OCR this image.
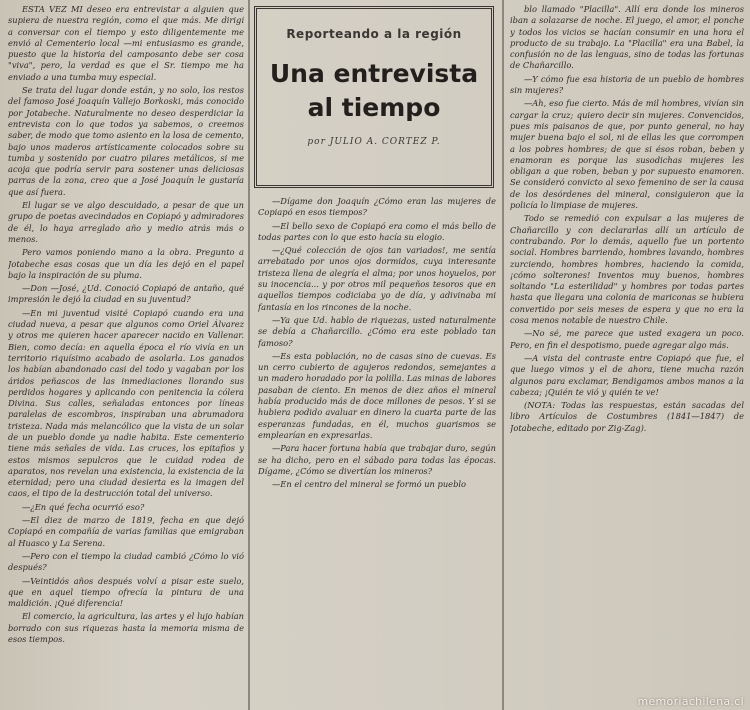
ESTA VEZ MI deseo era entrevistar a alguien que supiera de nuestra región, como el que más. Me dirigí a conversar con el tiempo y esto diligentemente me envió al Cementerio local —mi entusiasmo es grande, puesto que la historia del camposanto debe ser cosa "viva", pero, la verdad es que el Sr. tiempo me ha enviado a una tumba muy especial.

Se trata del lugar donde están, y no solo, los restos del famoso José Joaquín Vallejo Borkoski, más conocido por Jotabeche. Naturalmente no deseo desperdiciar la entrevista con lo que todos ya sabemos, o creemos saber, de modo que tomo asiento en la losa de cemento, bajo unos maderos artísticamente colocados sobre su tumba y sostenido por cuatro pilares metálicos, si me acoja que podría servir para sostener unas deliciosas parras de la zona, creo que a José Joaquín le gustaría que así fuera.

El lugar se ve algo descuidado, a pesar de que un grupo de poetas avecindados en Copiapó y admiradores de él, lo haya arreglado año y medio atrás más o menos.

Pero vamos poniendo mano a la obra. Pregunto a Jotabeche esas cosas que un día les dejó en el papel bajo la inspiración de su pluma.

—Don —José, ¿Ud. Conoció Copiapó de antaño, qué impresión le dejó la ciudad en su juventud?

—En mi juventud visité Copiapó cuando era una ciudad nueva, a pesar que algunos como Oriel Álvarez y otros me quieren hacer aparecer nacido en Vallenar. Bien, como decía: en aquella época el río vivía en un territorio riquísimo acabado de asolarla. Los ganados los habían abandonado casi del todo y vagaban por los áridos peñascos de las inmediaciones llorando sus perdidos hogares y aplicando con penitencia la cólera Divina. Sus calles, señaladas entonces por líneas paralelas de escombros, inspiraban una abrumadora tristeza. Nada más melancólico que la vista de un solar de un pueblo donde ya nadie habita. Este cementerio tiene más señales de vida. Las cruces, los epitafios y estos mismos sepulcros que le cuidad rodea de aparatos, nos revelan una existencia, la existencia de la eternidad; pero una ciudad desierta es la imagen del caos, el tipo de la destrucción total del universo.

—¿En qué fecha ocurrió eso?

—El diez de marzo de 1819, fecha en que dejó Copiapó en compañía de varias familias que emigraban al Huasco y La Serena.

—Pero con el tiempo la ciudad cambió ¿Cómo lo vió después?

—Veintidós años después volví a pisar este suelo, que en aquel tiempo ofrecía la pintura de una maldición. ¡Qué diferencia!

El comercio, la agricultura, las artes y el lujo habían borrado con sus riquezas hasta la memoria misma de esos tiempos.

Reporteando a la región
Una entrevista
al tiempo
por JULIO A. CORTEZ P.

—Dígame don Joaquín ¿Cómo eran las mujeres de Copiapó en esos tiempos?

—El bello sexo de Copiapó era como el más bello de todas partes con lo que esto hacía su elogio.

—¿Qué colección de ojos tan variados!, me sentía arrebatado por unos ojos dormidos, cuya interesante tristeza llena de alegría el alma; por unos hoyuelos, por su inocencia... y por otros mil pequeños tesoros que en aquellos tiempos codiciaba yo de día, y adivinaba mi fantasía en los rincones de la noche.

—Ya que Ud. hablo de riquezas, usted naturalmente se debía a Chañarcillo. ¿Cómo era este poblado tan famoso?

—Es esta población, no de casas sino de cuevas. Es un cerro cubierto de agujeros redondos, semejantes a un madero horadado por la polilla. Las minas de labores pasaban de ciento. En menos de diez años el mineral había producido más de doce millones de pesos. Y si se hubiera podido avaluar en dinero la cuarta parte de las esperanzas fundadas, en él, muchos guarismos se emplearían en expresarlas.

—Para hacer fortuna había que trabajar duro, según se ha dicho, pero en el sábado para todas las épocas. Dígame, ¿Cómo se divertían los mineros?

—En el centro del mineral se formó un pueblo

blo llamado "Placilla". Allí era donde los mineros iban a solazarse de noche. El juego, el amor, el ponche y todos los vicios se hacían consumir en una hora el producto de su trabajo. La "Placilla" era una Babel, la confusión no de las lenguas, sino de todas las fortunas de Chañarcillo.

—Y cómo fue esa historia de un pueblo de hombres sin mujeres?

—Ah, eso fue cierto. Más de mil hombres, vivían sin cargar la cruz; quiero decir sin mujeres. Convencidos, pues mis paisanos de que, por punto general, no hay mujer buena bajo el sol, ni de ellas les que corrompen a los pobres hombres; de que si ésos roban, beben y enamoran es porque las susodichas mujeres les obligan a que roben, beban y por supuesto enamoren. Se consideró convicto al sexo femenino de ser la causa de los desórdenes del mineral, consiguieron que la policía lo limpiase de mujeres.

Todo se remedió con expulsar a las mujeres de Chañarcillo y con declararlas allí un artículo de contrabando. Por lo demás, aquello fue un portento social. Hombres barriendo, hombres lavando, hombres zurciendo, hombres hombres, haciendo la comida, ¡cómo solterones! Inventos muy buenos, hombres soltando "La esterilidad" y hombres por todas partes hasta que llegara una colonia de mariconas se hubiera convertido por seis meses de espera y que no era la cosa menos notable de nuestro Chile.

—No sé, me parece que usted exagera un poco. Pero, en fin el despotismo, puede agregar algo más.

—A vista del contraste entre Copiapó que fue, el que luego vimos y el de ahora, tiene mucha razón algunos para exclamar, Bendigamos ambos manos a la cabeza; ¡Quién te vió y quién te ve!

(NOTA: Todas las respuestas, están sacadas del libro Artículos de Costumbres (1841—1847) de Jotabeche, editado por Zig-Zag).

memoriachilena.cl
